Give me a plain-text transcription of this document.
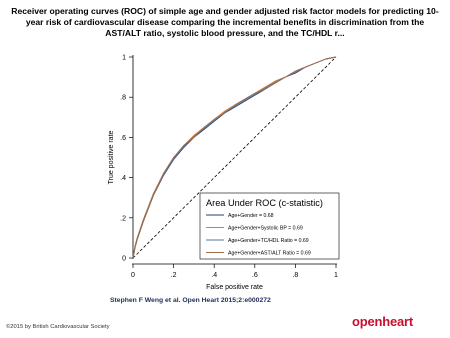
Receiver operating curves (ROC) of simple age and gender adjusted risk factor models for predicting 10-year risk of cardiovascular disease comparing the incremental benefits in discrimination from the AST/ALT ratio, systolic blood pressure, and the TC/HDL r...
0	.2	.4	.6	.8	1
0
.2
.4
.6
.8
1
False positive rate
True positive rate
Area Under ROC (c-statistic)
Age+Gender = 0.68
Age+Gender+Systolic BP = 0.69
Age+Gender+TC/HDL Ratio = 0.69
Age+Gender+AST/ALT Ratio = 0.69
Stephen F Weng et al. Open Heart 2015;2:e000272
©2015 by British Cardiovascular Society	openheart
